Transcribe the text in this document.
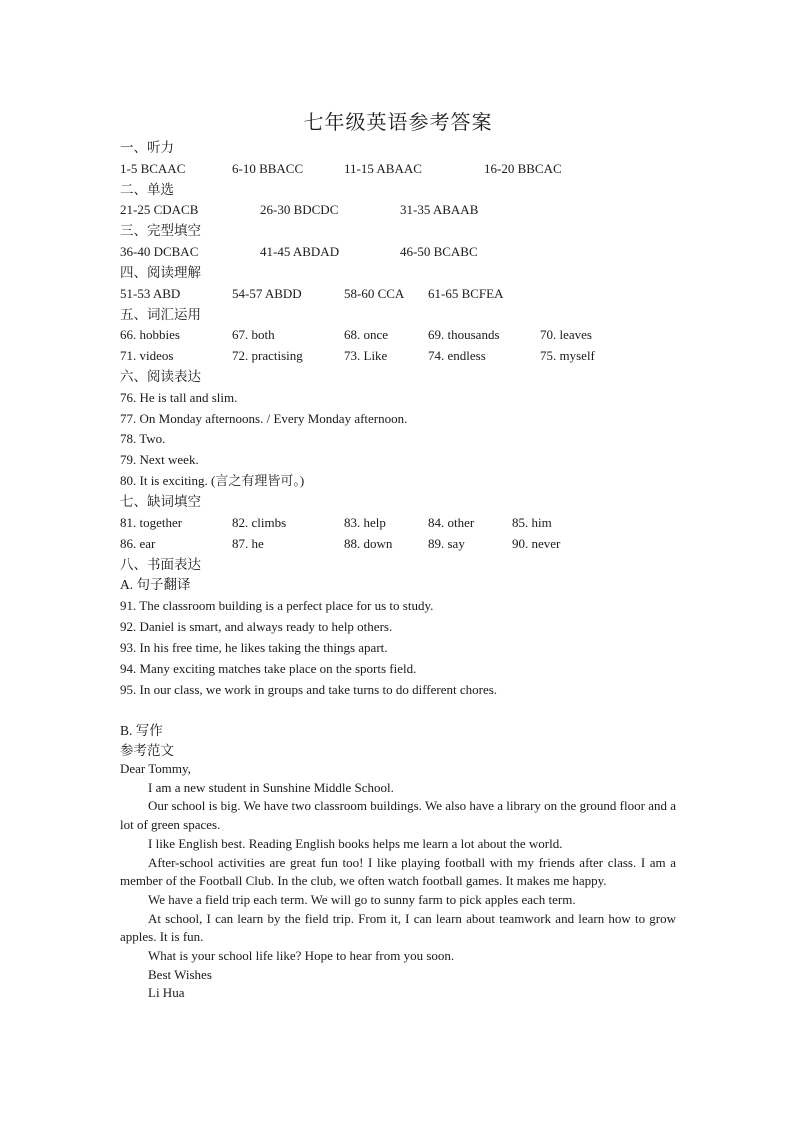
七年级英语参考答案
一、听力
1-5 BCAAC	6-10 BBACC	11-15 ABAAC	16-20 BBCAC
二、单选
21-25 CDACB	26-30 BDCDC	31-35 ABAAB
三、完型填空
36-40 DCBAC	41-45 ABDAD	46-50 BCABC
四、阅读理解
51-53 ABD	54-57 ABDD	58-60 CCA 61-65 BCFEA
五、词汇运用
66. hobbies	67. both	68. once	69. thousands	70. leaves
71. videos	72. practising	73. Like	74. endless	75. myself
六、阅读表达
76. He is tall and slim.
77. On Monday afternoons. / Every Monday afternoon.
78. Two.
79. Next week.
80. It is exciting. (言之有理皆可。)
七、缺词填空
81. together	82. climbs	83. help	84. other	85. him
86. ear	87. he	88. down	89. say	90. never
八、书面表达
A. 句子翻译
91. The classroom building is a perfect place for us to study.
92. Daniel is smart, and always ready to help others.
93. In his free time, he likes taking the things apart.
94. Many exciting matches take place on the sports field.
95. In our class, we work in groups and take turns to do different chores.
B. 写作
参考范文

Dear Tommy,

I am a new student in Sunshine Middle School.

Our school is big. We have two classroom buildings. We also have a library on the ground floor and a lot of green spaces.

I like English best. Reading English books helps me learn a lot about the world.

After-school activities are great fun too! I like playing football with my friends after class. I am a member of the Football Club. In the club, we often watch football games. It makes me happy.

We have a field trip each term. We will go to sunny farm to pick apples each term.

At school, I can learn by the field trip. From it, I can learn about teamwork and learn how to grow apples. It is fun.

What is your school life like? Hope to hear from you soon.

Best Wishes

Li Hua
